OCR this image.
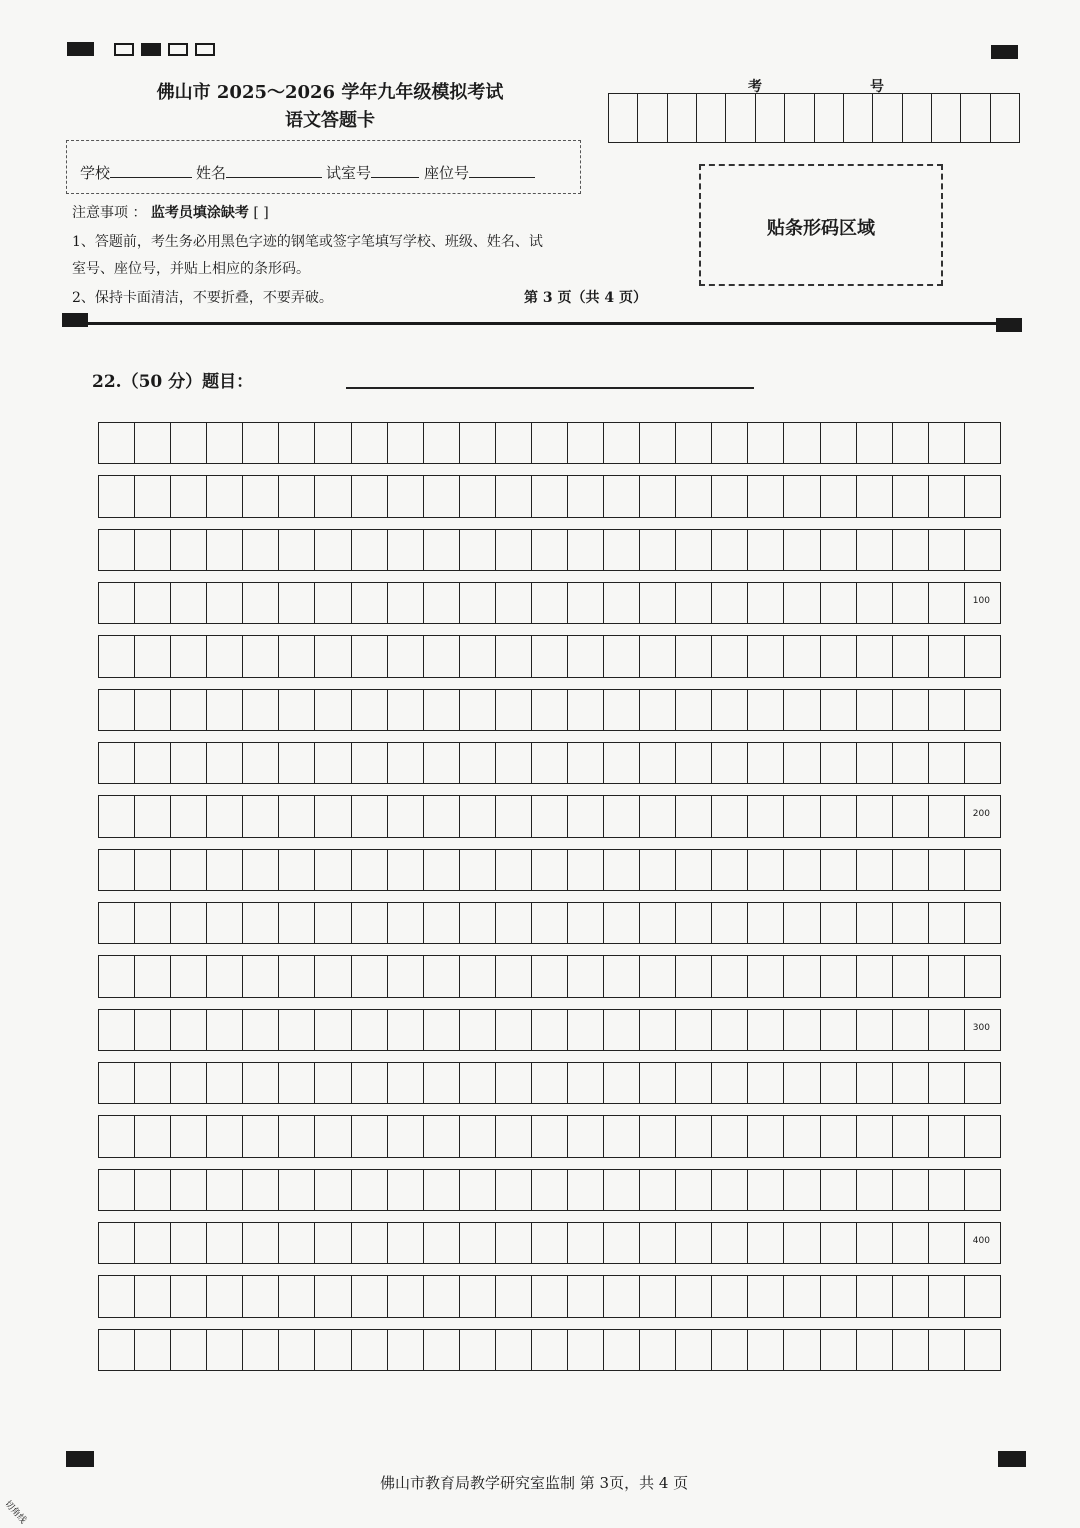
佛山市 2025～2026 学年九年级模拟考试
语文答题卡
考	号
学校	姓名	试室号	座位号
注意事项 ： 监考员填涂缺考 [ ]
1、答题前，考生务必用黑色字迹的钢笔或签字笔填写学校、班级、姓名、试
室号、座位号，并贴上相应的条形码。
2、保持卡面清洁，不要折叠，不要弄破。	第 3 页（共 4 页）
贴条形码区域
22.（50 分）题目：
100
200
300
400
佛山市教育局教学研究室监制 第 3页，共 4 页
切角线
